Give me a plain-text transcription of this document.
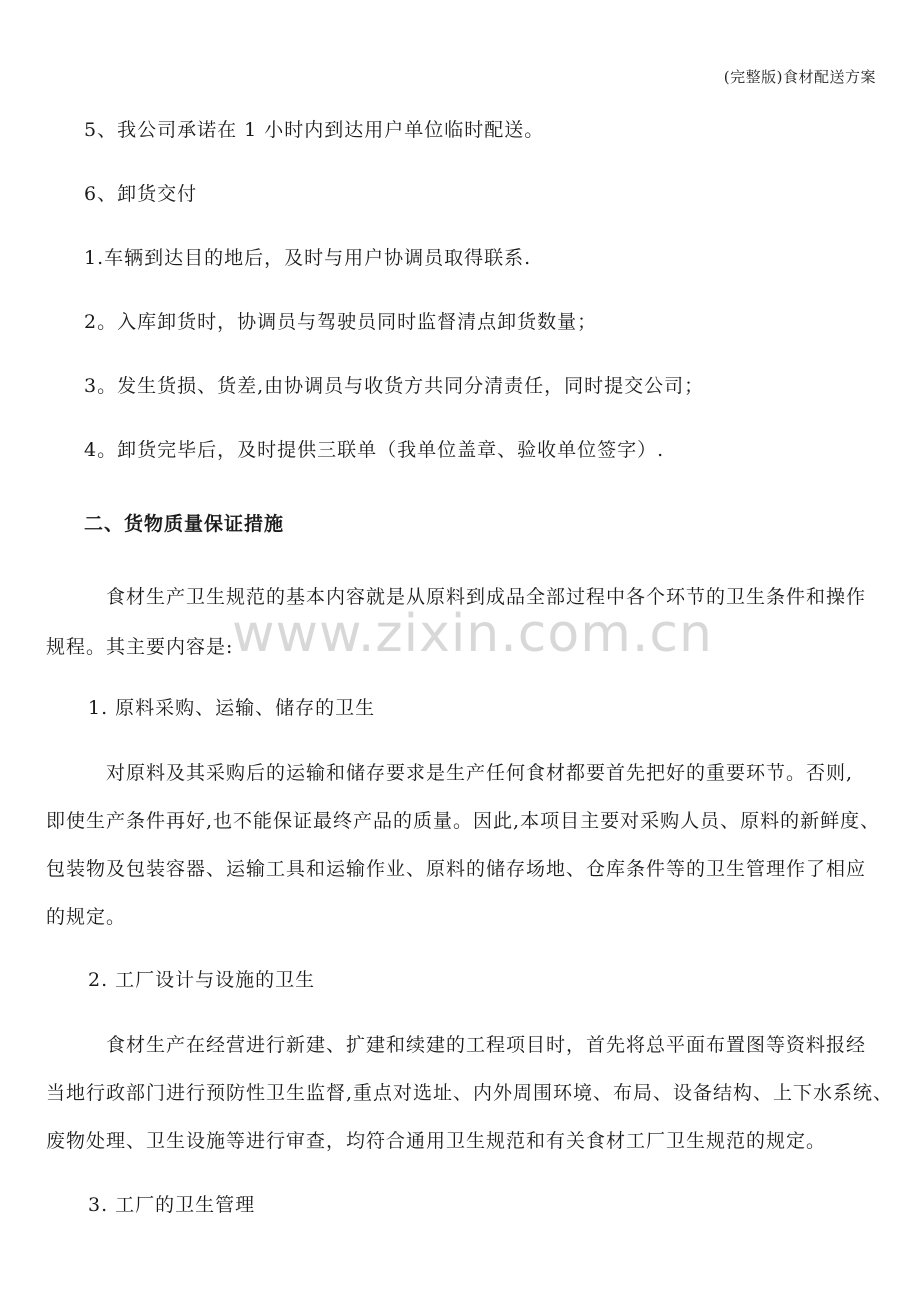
(完整版)食材配送方案
www.zixin.com.cn
5、我公司承诺在 1 小时内到达用户单位临时配送。
6、卸货交付
1.车辆到达目的地后，及时与用户协调员取得联系.
2。入库卸货时，协调员与驾驶员同时监督清点卸货数量；
3。发生货损、货差,由协调员与收货方共同分清责任，同时提交公司；
4。卸货完毕后，及时提供三联单（我单位盖章、验收单位签字）.
二、货物质量保证措施
食材生产卫生规范的基本内容就是从原料到成品全部过程中各个环节的卫生条件和操作
规程。其主要内容是:
1. 原料采购、运输、储存的卫生
对原料及其采购后的运输和储存要求是生产任何食材都要首先把好的重要环节。否则,
即使生产条件再好,也不能保证最终产品的质量。因此,本项目主要对采购人员、原料的新鲜度、
包装物及包装容器、运输工具和运输作业、原料的储存场地、仓库条件等的卫生管理作了相应
的规定。
2. 工厂设计与设施的卫生
食材生产在经营进行新建、扩建和续建的工程项目时，首先将总平面布置图等资料报经
当地行政部门进行预防性卫生监督,重点对选址、内外周围环境、布局、设备结构、上下水系统、
废物处理、卫生设施等进行审查，均符合通用卫生规范和有关食材工厂卫生规范的规定。
3. 工厂的卫生管理
